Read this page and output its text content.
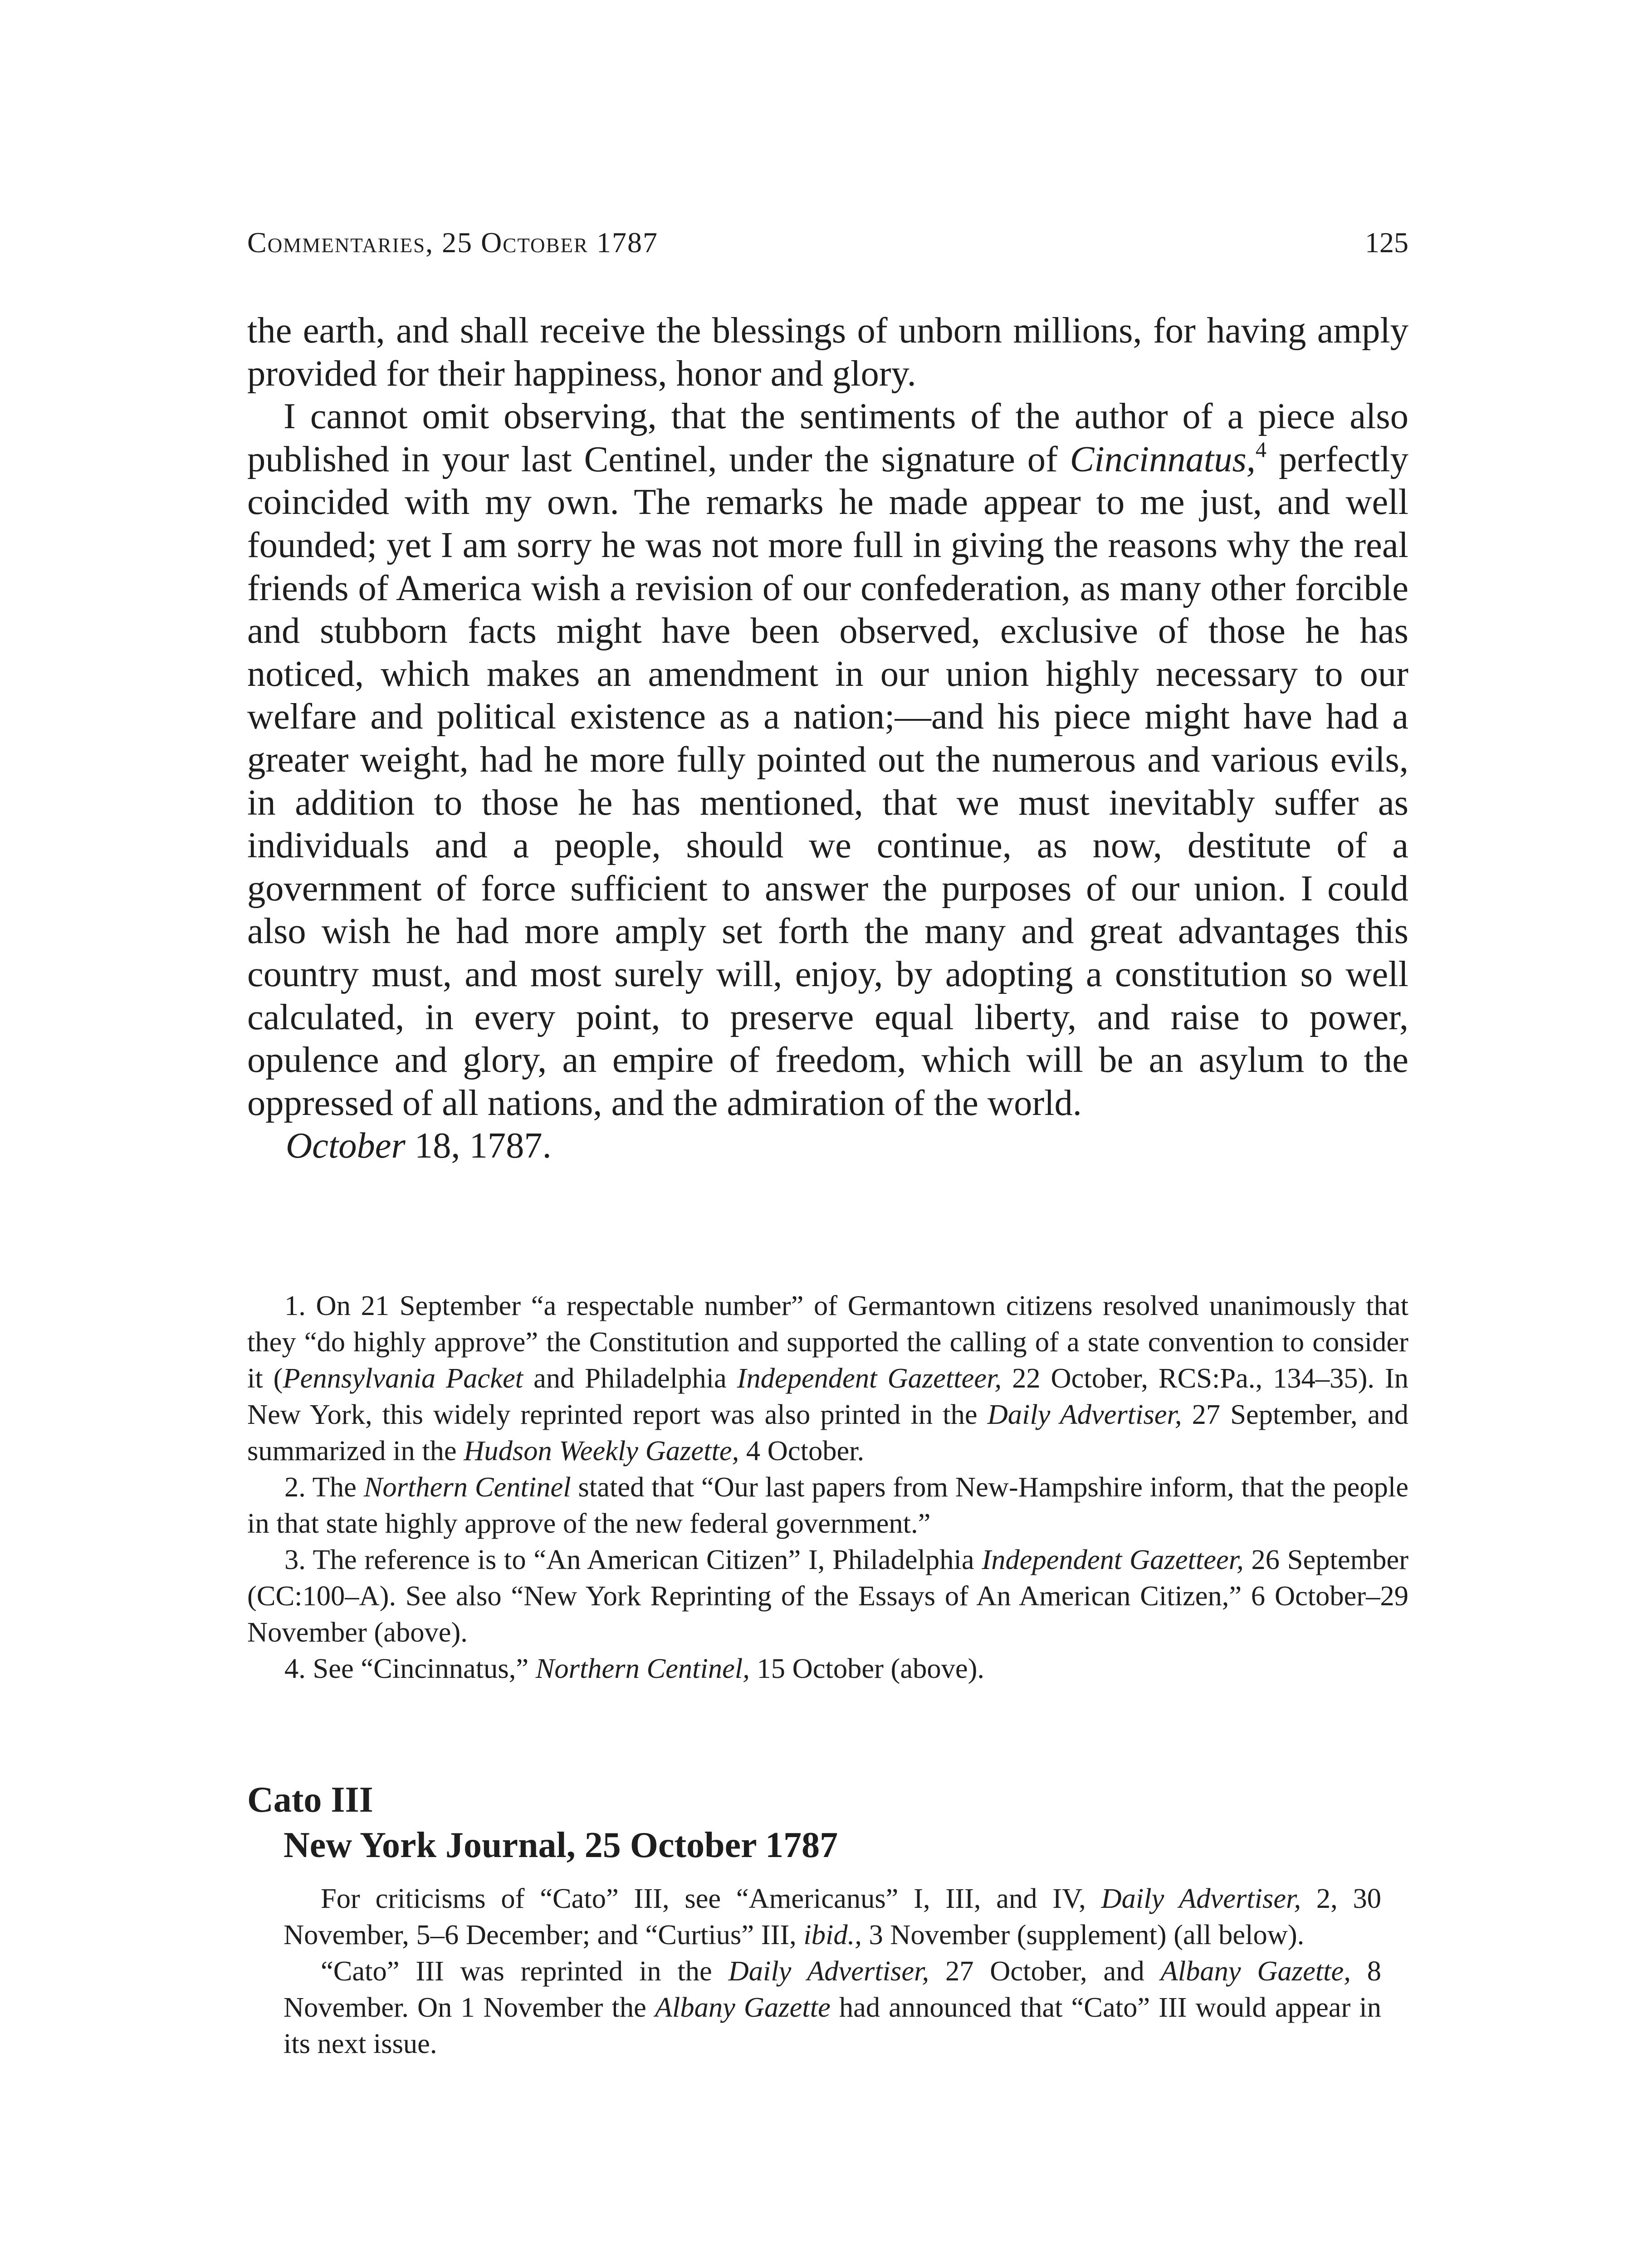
Commentaries, 25 October 1787	125

the earth, and shall receive the blessings of unborn millions, for having amply provided for their happiness, honor and glory.

I cannot omit observing, that the sentiments of the author of a piece also published in your last Centinel, under the signature of Cincinnatus,$^4$ perfectly coincided with my own. The remarks he made appear to me just, and well founded; yet I am sorry he was not more full in giving the reasons why the real friends of America wish a revision of our confederation, as many other forcible and stubborn facts might have been observed, exclusive of those he has noticed, which makes an amendment in our union highly necessary to our welfare and political existence as a nation;—and his piece might have had a greater weight, had he more fully pointed out the numerous and various evils, in addition to those he has mentioned, that we must inevitably suffer as individuals and a people, should we continue, as now, destitute of a government of force sufficient to answer the purposes of our union. I could also wish he had more amply set forth the many and great advantages this country must, and most surely will, enjoy, by adopting a constitution so well calculated, in every point, to preserve equal liberty, and raise to power, opulence and glory, an empire of freedom, which will be an asylum to the oppressed of all nations, and the admiration of the world.

October 18, 1787.

1. On 21 September “a respectable number” of Germantown citizens resolved unanimously that they “do highly approve” the Constitution and supported the calling of a state convention to consider it (Pennsylvania Packet and Philadelphia Independent Gazetteer, 22 October, RCS:Pa., 134–35). In New York, this widely reprinted report was also printed in the Daily Advertiser, 27 September, and summarized in the Hudson Weekly Gazette, 4 October.

2. The Northern Centinel stated that “Our last papers from New-Hampshire inform, that the people in that state highly approve of the new federal government.”

3. The reference is to “An American Citizen” I, Philadelphia Independent Gazetteer, 26 September (CC:100–A). See also “New York Reprinting of the Essays of An American Citizen,” 6 October–29 November (above).

4. See “Cincinnatus,” Northern Centinel, 15 October (above).

Cato III
New York Journal, 25 October 1787

For criticisms of “Cato” III, see “Americanus” I, III, and IV, Daily Advertiser, 2, 30 November, 5–6 December; and “Curtius” III, ibid., 3 November (supplement) (all below).

“Cato” III was reprinted in the Daily Advertiser, 27 October, and Albany Gazette, 8 November. On 1 November the Albany Gazette had announced that “Cato” III would appear in its next issue.
